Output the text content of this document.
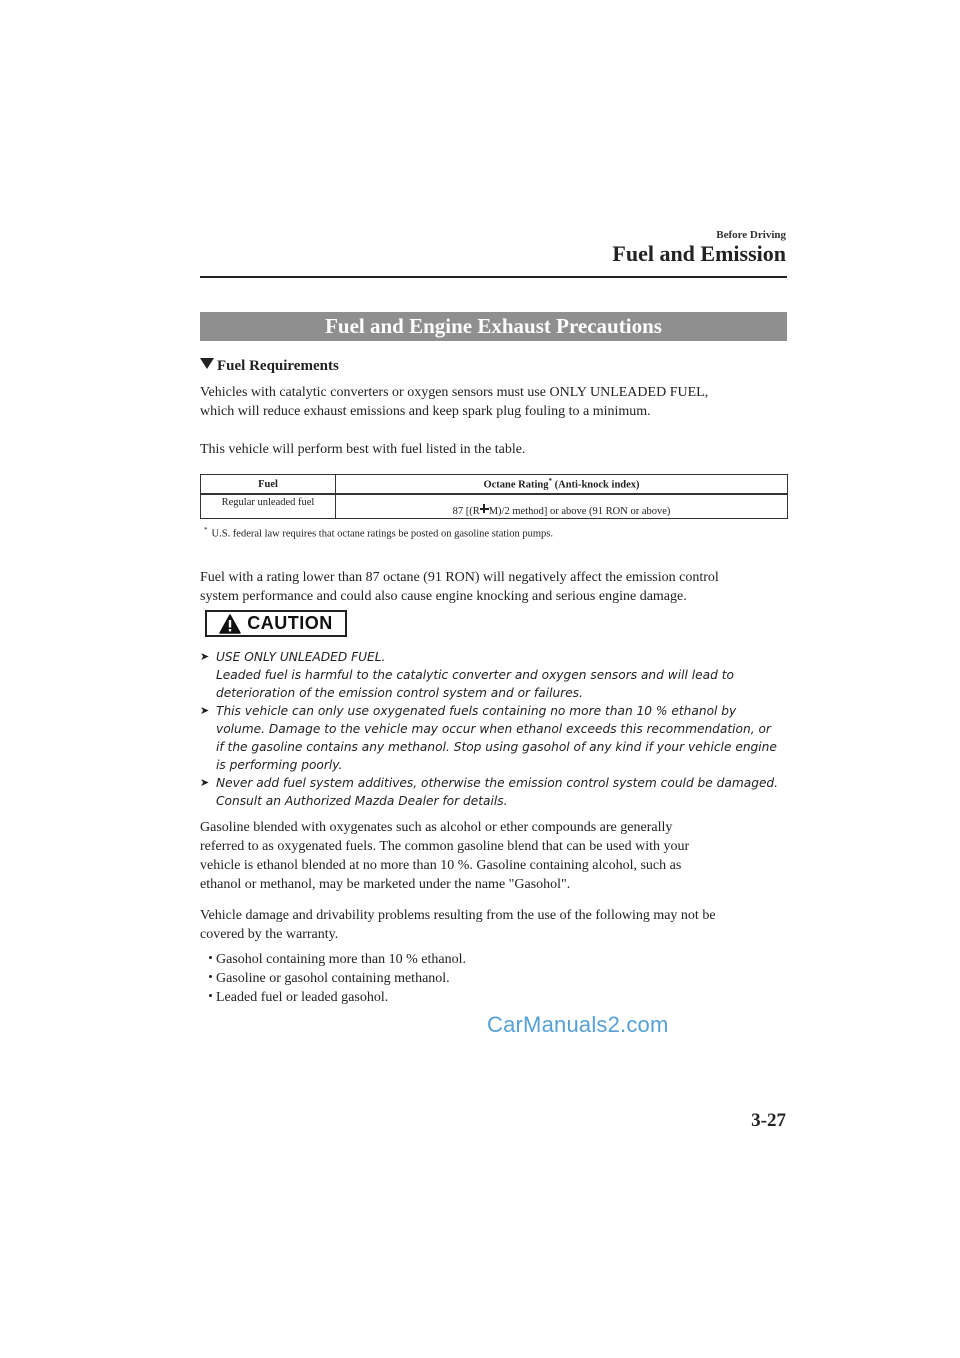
Before Driving
Fuel and Emission
Fuel and Engine Exhaust Precautions
Fuel Requirements
Vehicles with catalytic converters or oxygen sensors must use ONLY UNLEADED FUEL,
which will reduce exhaust emissions and keep spark plug fouling to a minimum.
This vehicle will perform best with fuel listed in the table.
Fuel	Octane Rating* (Anti-knock index)
Regular unleaded fuel	87 [(R M)/2 method] or above (91 RON or above)
* U.S. federal law requires that octane ratings be posted on gasoline station pumps.
Fuel with a rating lower than 87 octane (91 RON) will negatively affect the emission control
system performance and could also cause engine knocking and serious engine damage.
CAUTION
➤ USE ONLY UNLEADED FUEL.
Leaded fuel is harmful to the catalytic converter and oxygen sensors and will lead to
deterioration of the emission control system and or failures.
➤ This vehicle can only use oxygenated fuels containing no more than 10 % ethanol by
volume. Damage to the vehicle may occur when ethanol exceeds this recommendation, or
if the gasoline contains any methanol. Stop using gasohol of any kind if your vehicle engine
is performing poorly.
➤ Never add fuel system additives, otherwise the emission control system could be damaged.
Consult an Authorized Mazda Dealer for details.
Gasoline blended with oxygenates such as alcohol or ether compounds are generally
referred to as oxygenated fuels. The common gasoline blend that can be used with your
vehicle is ethanol blended at no more than 10 %. Gasoline containing alcohol, such as
ethanol or methanol, may be marketed under the name "Gasohol".
Vehicle damage and drivability problems resulting from the use of the following may not be
covered by the warranty.
Gasohol containing more than 10 % ethanol.
Gasoline or gasohol containing methanol.
Leaded fuel or leaded gasohol.
CarManuals2.com
3-27
